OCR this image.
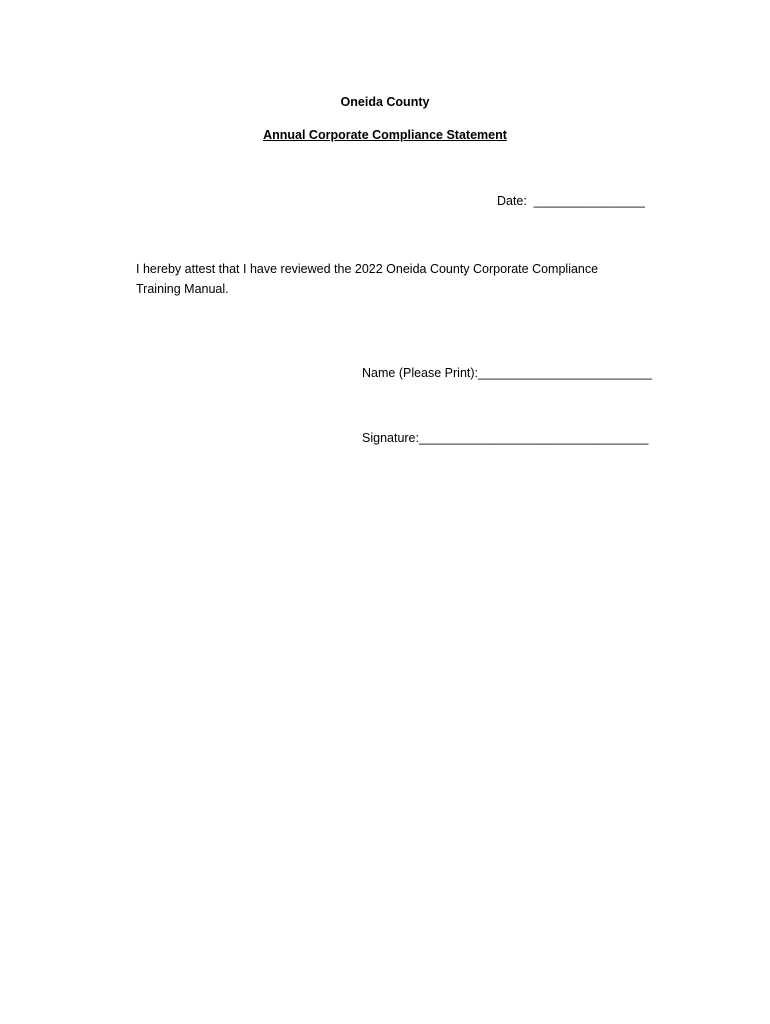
Oneida County
Annual Corporate Compliance Statement
Date:  ________________
I hereby attest that I have reviewed the 2022 Oneida County Corporate Compliance
Training Manual.
Name (Please Print):_________________________
Signature:_________________________________
